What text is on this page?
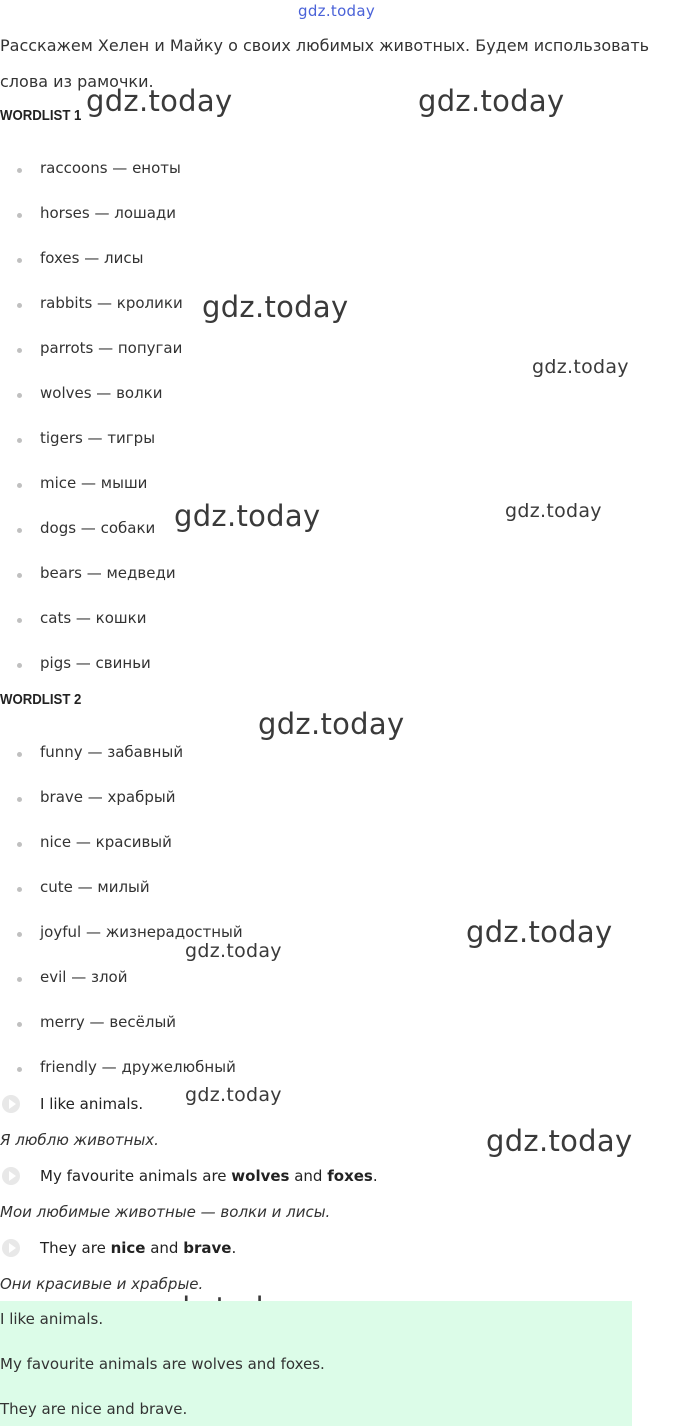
gdz.today
gdz.today	gdz.today
gdz.today
gdz.today
gdz.today	gdz.today
gdz.today
gdz.today
gdz.today
gdz.today
gdz.today
Расскажем Хелен и Майку о своих любимых животных. Будем использовать слова из рамочки.
WORDLIST 1
raccoons — еноты
horses — лошади
foxes — лисы
rabbits — кролики
parrots — попугаи
wolves — волки
tigers — тигры
mice — мыши
dogs — собаки
bears — медведи
cats — кошки
pigs — свиньи
WORDLIST 2
funny — забавный
brave — храбрый
nice — красивый
cute — милый
joyful — жизнерадостный
evil — злой
merry — весёлый
friendly — дружелюбный
I like animals.
Я люблю животных.
My favourite animals are wolves and foxes.
Мои любимые животные — волки и лисы.
They are nice and brave.
Они красивые и храбрые.
I like animals.
My favourite animals are wolves and foxes.
They are nice and brave.
